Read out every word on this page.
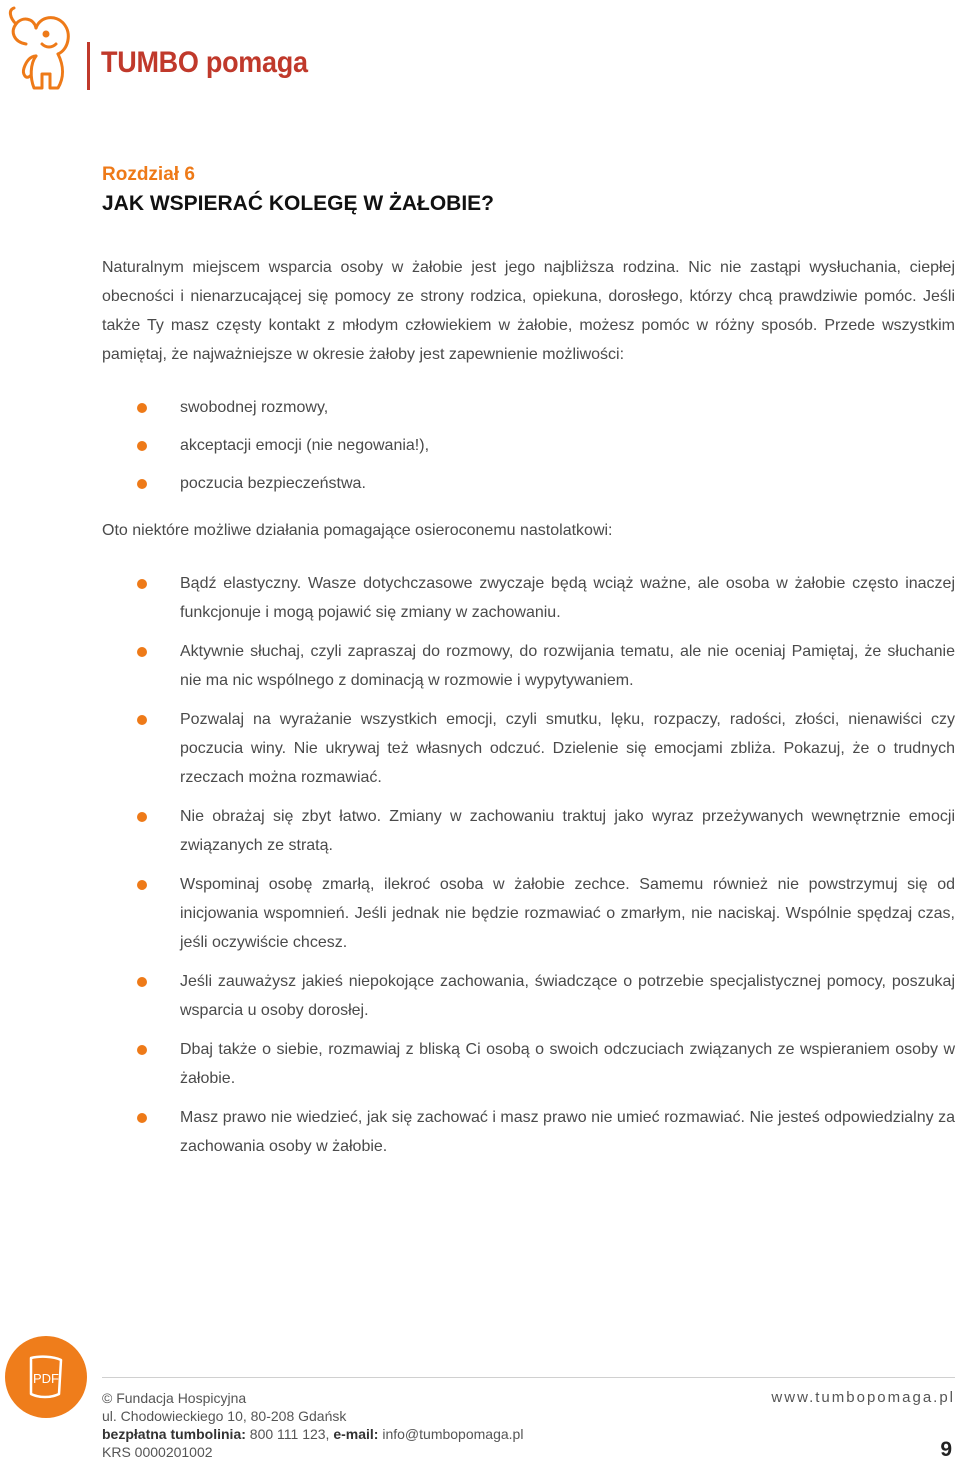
TUMBO pomaga
Rozdział 6
JAK WSPIERAĆ KOLEGĘ W ŻAŁOBIE?

Naturalnym miejscem wsparcia osoby w żałobie jest jego najbliższa rodzina. Nic nie zastąpi wysłuchania, ciepłej obecności i nienarzucającej się pomocy ze strony rodzica, opiekuna, dorosłego, którzy chcą prawdziwie pomóc. Jeśli także Ty masz częsty kontakt z młodym człowiekiem w żałobie, możesz pomóc w różny sposób. Przede wszystkim pamiętaj, że najważniejsze w okresie żałoby jest zapewnienie możliwości:

swobodnej rozmowy,
akceptacji emocji (nie negowania!),
poczucia bezpieczeństwa.

Oto niektóre możliwe działania pomagające osieroconemu nastolatkowi:

Bądź elastyczny. Wasze dotychczasowe zwyczaje będą wciąż ważne, ale osoba w żałobie często inaczej funkcjonuje i mogą pojawić się zmiany w zachowaniu.
Aktywnie słuchaj, czyli zapraszaj do rozmowy, do rozwijania tematu, ale nie oceniaj Pamiętaj, że słuchanie nie ma nic wspólnego z dominacją w rozmowie i wypytywaniem.
Pozwalaj na wyrażanie wszystkich emocji, czyli smutku, lęku, rozpaczy, radości, złości, nienawiści czy poczucia winy. Nie ukrywaj też własnych odczuć. Dzielenie się emocjami zbliża. Pokazuj, że o trudnych rzeczach można rozmawiać.
Nie obrażaj się zbyt łatwo. Zmiany w zachowaniu traktuj jako wyraz przeżywanych wewnętrznie emocji związanych ze stratą.
Wspominaj osobę zmarłą, ilekroć osoba w żałobie zechce. Samemu również nie powstrzymuj się od inicjowania wspomnień. Jeśli jednak nie będzie rozmawiać o zmarłym, nie naciskaj. Wspólnie spędzaj czas, jeśli oczywiście chcesz.
Jeśli zauważysz jakieś niepokojące zachowania, świadczące o potrzebie specjalistycznej pomocy, poszukaj wsparcia u osoby dorosłej.
Dbaj także o siebie, rozmawiaj z bliską Ci osobą o swoich odczuciach związanych ze wspieraniem osoby w żałobie.
Masz prawo nie wiedzieć, jak się zachować i masz prawo nie umieć rozmawiać. Nie jesteś odpowiedzialny za zachowania osoby w żałobie.
PDF
© Fundacja Hospicyjna
ul. Chodowieckiego 10, 80-208 Gdańsk
bezpłatna tumbolinia: 800 111 123, e-mail: info@tumbopomaga.pl
KRS 0000201002
www.tumbopomaga.pl
9
